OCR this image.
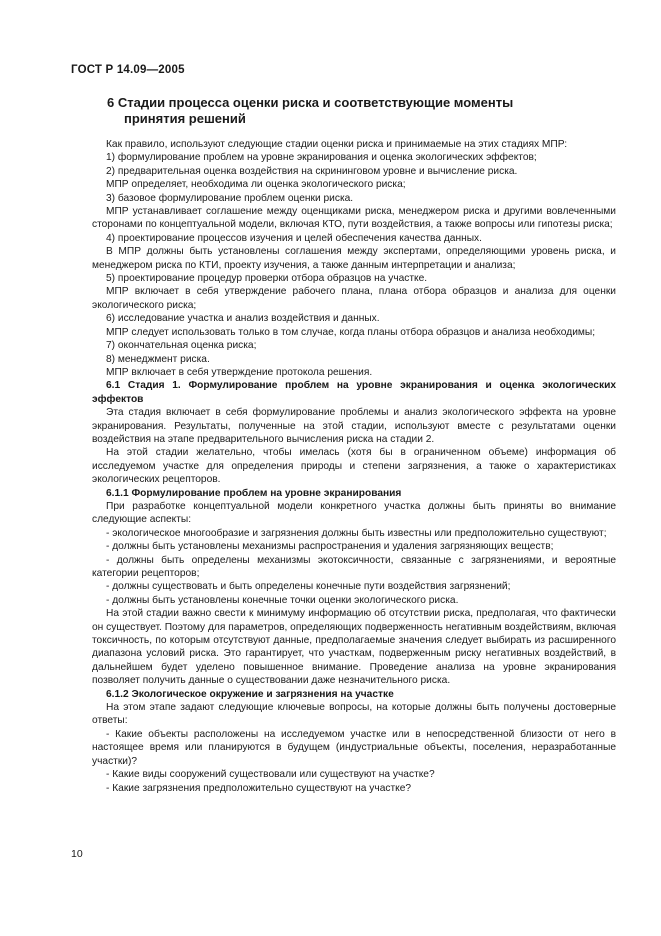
ГОСТ Р 14.09—2005
6 Стадии процесса оценки риска и соответствующие моменты
принятия решений

Как правило, используют следующие стадии оценки риска и принимаемые на этих стадиях МПР:

1) формулирование проблем на уровне экранирования и оценка экологических эффектов;

2) предварительная оценка воздействия на скрининговом уровне и вычисление риска.

МПР определяет, необходима ли оценка экологического риска;

3) базовое формулирование проблем оценки риска.

МПР устанавливает соглашение между оценщиками риска, менеджером риска и другими вовлеченными сторонами по концептуальной модели, включая КТО, пути воздействия, а также вопросы или гипотезы риска;

4) проектирование процессов изучения и целей обеспечения качества данных.

В МПР должны быть установлены соглашения между экспертами, определяющими уровень риска, и менеджером риска по КТИ, проекту изучения, а также данным интерпретации и анализа;

5) проектирование процедур проверки отбора образцов на участке.

МПР включает в себя утверждение рабочего плана, плана отбора образцов и анализа для оценки экологического риска;

6) исследование участка и анализ воздействия и данных.

МПР следует использовать только в том случае, когда планы отбора образцов и анализа необходимы;

7) окончательная оценка риска;

8) менеджмент риска.

МПР включает в себя утверждение протокола решения.

6.1 Стадия 1. Формулирование проблем на уровне экранирования и оценка экологических эффектов

Эта стадия включает в себя формулирование проблемы и анализ экологического эффекта на уровне экранирования. Результаты, полученные на этой стадии, используют вместе с результатами оценки воздействия на этапе предварительного вычисления риска на стадии 2.

На этой стадии желательно, чтобы имелась (хотя бы в ограниченном объеме) информация об исследуемом участке для определения природы и степени загрязнения, а также о характеристиках экологических рецепторов.

6.1.1 Формулирование проблем на уровне экранирования

При разработке концептуальной модели конкретного участка должны быть приняты во внимание следующие аспекты:

- экологическое многообразие и загрязнения должны быть известны или предположительно существуют;

- должны быть установлены механизмы распространения и удаления загрязняющих веществ;

- должны быть определены механизмы экотоксичности, связанные с загрязнениями, и вероятные категории рецепторов;

- должны существовать и быть определены конечные пути воздействия загрязнений;

- должны быть установлены конечные точки оценки экологического риска.

На этой стадии важно свести к минимуму информацию об отсутствии риска, предполагая, что фактически он существует. Поэтому для параметров, определяющих подверженность негативным воздействиям, включая токсичность, по которым отсутствуют данные, предполагаемые значения следует выбирать из расширенного диапазона условий риска. Это гарантирует, что участкам, подверженным риску негативных воздействий, в дальнейшем будет уделено повышенное внимание. Проведение анализа на уровне экранирования позволяет получить данные о существовании даже незначительного риска.

6.1.2 Экологическое окружение и загрязнения на участке

На этом этапе задают следующие ключевые вопросы, на которые должны быть получены достоверные ответы:

- Какие объекты расположены на исследуемом участке или в непосредственной близости от него в настоящее время или планируются в будущем (индустриальные объекты, поселения, неразработанные участки)?

- Какие виды сооружений существовали или существуют на участке?

- Какие загрязнения предположительно существуют на участке?

10
